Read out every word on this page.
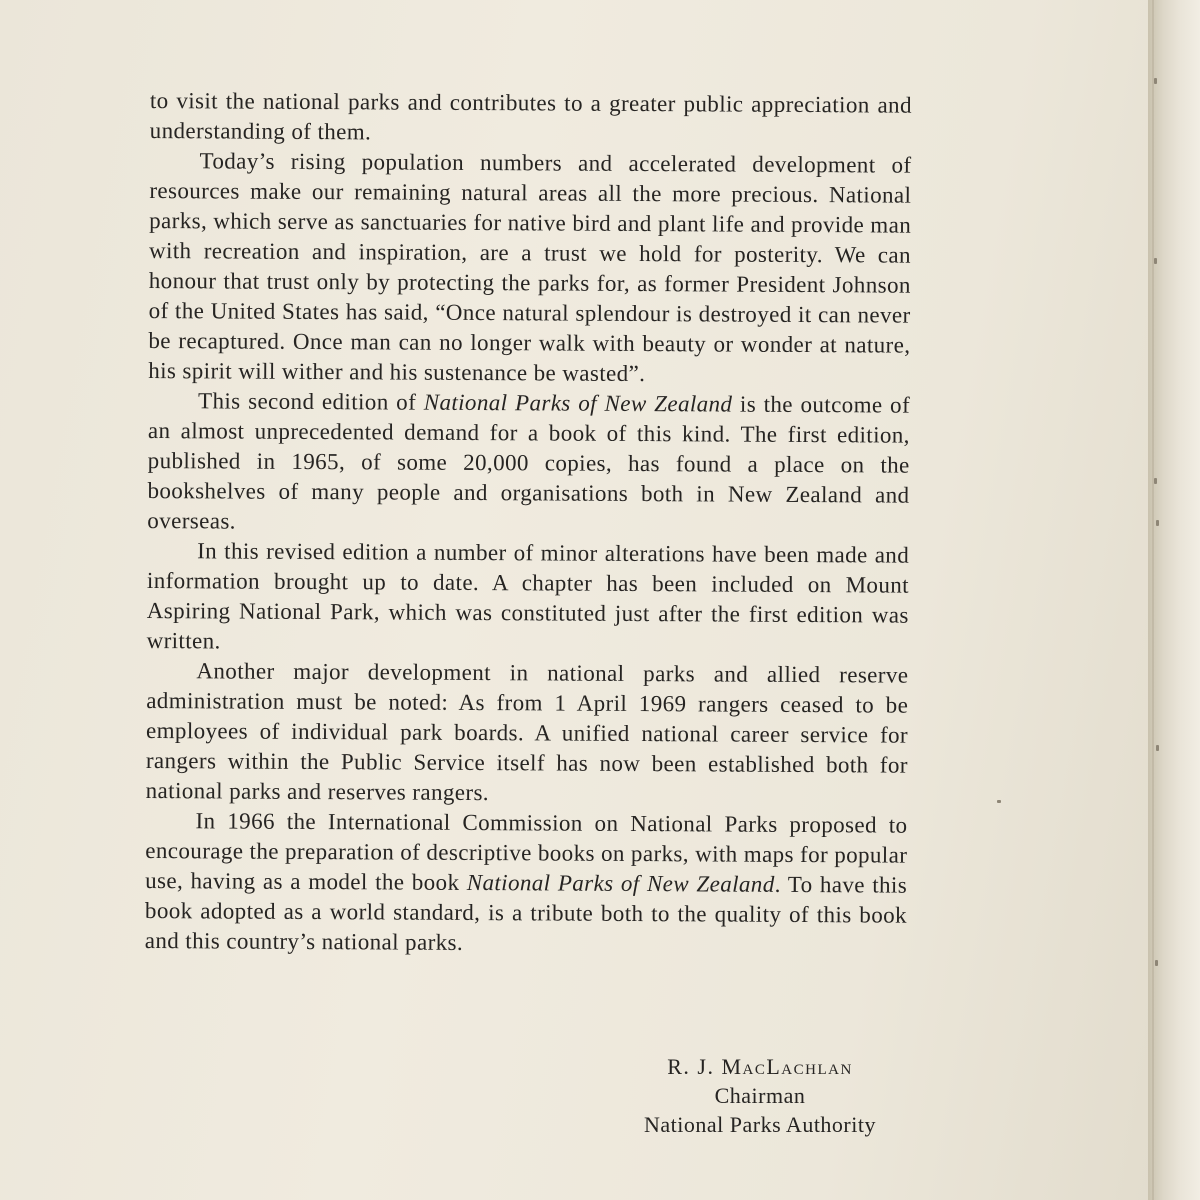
to visit the national parks and contributes to a greater public appreciation and understanding of them.

Today’s rising population numbers and accelerated development of resources make our remaining natural areas all the more precious. National parks, which serve as sanctuaries for native bird and plant life and provide man with recreation and inspiration, are a trust we hold for posterity. We can honour that trust only by protecting the parks for, as former President Johnson of the United States has said, “Once natural splendour is destroyed it can never be recaptured. Once man can no longer walk with beauty or wonder at nature, his spirit will wither and his sustenance be wasted”.

This second edition of National Parks of New Zealand is the outcome of an almost unprecedented demand for a book of this kind. The first edition, published in 1965, of some 20,000 copies, has found a place on the bookshelves of many people and organisations both in New Zealand and overseas.

In this revised edition a number of minor alterations have been made and information brought up to date. A chapter has been included on Mount Aspiring National Park, which was constituted just after the first edition was written.

Another major development in national parks and allied reserve administration must be noted: As from 1 April 1969 rangers ceased to be employees of individual park boards. A unified national career service for rangers within the Public Service itself has now been established both for national parks and reserves rangers.

In 1966 the International Commission on National Parks proposed to encourage the preparation of descriptive books on parks, with maps for popular use, having as a model the book National Parks of New Zealand. To have this book adopted as a world standard, is a tribute both to the quality of this book and this country’s national parks.

R. J. MacLachlan
Chairman
National Parks Authority
